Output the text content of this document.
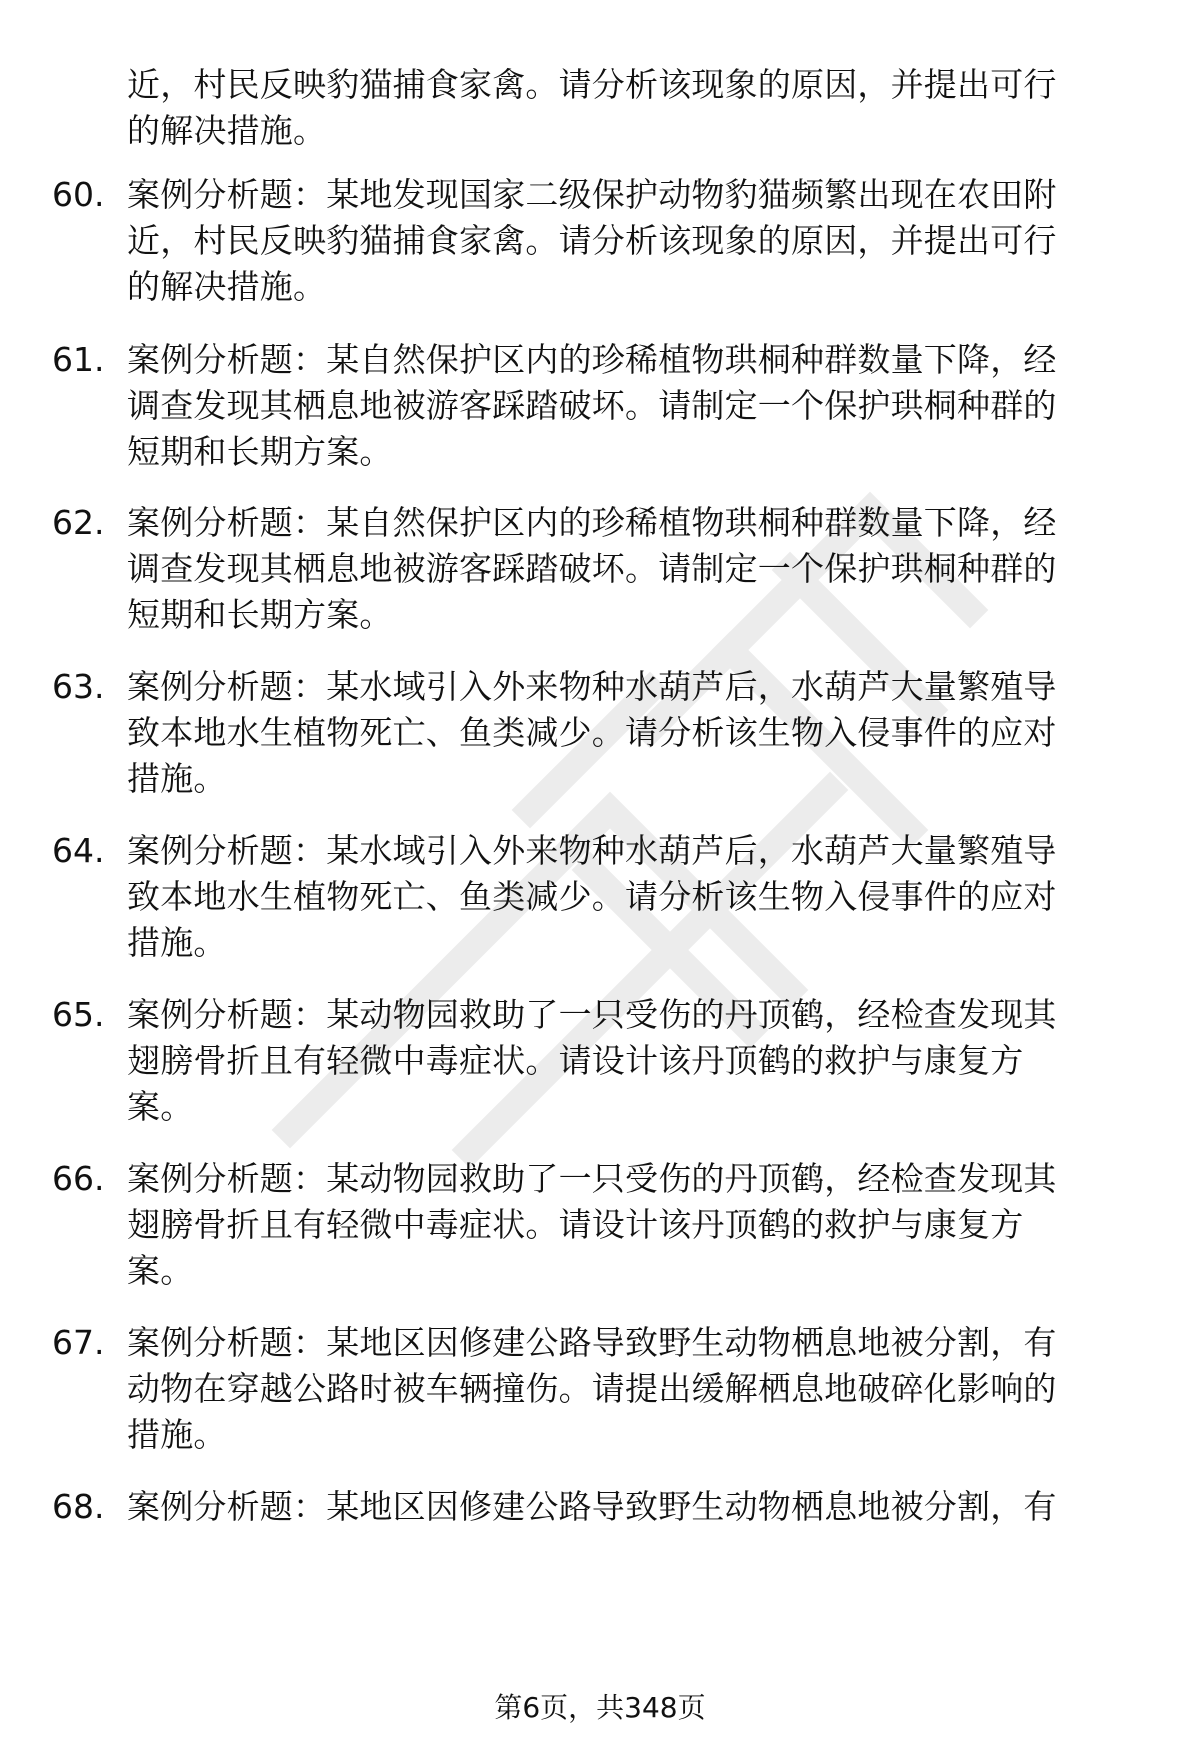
近，村民反映豹猫捕食家禽。请分析该现象的原因，并提出可行
的解决措施。
60. 案例分析题：某地发现国家二级保护动物豹猫频繁出现在农田附
近，村民反映豹猫捕食家禽。请分析该现象的原因，并提出可行
的解决措施。
61. 案例分析题：某自然保护区内的珍稀植物珙桐种群数量下降，经
调查发现其栖息地被游客踩踏破坏。请制定一个保护珙桐种群的
短期和长期方案。
62. 案例分析题：某自然保护区内的珍稀植物珙桐种群数量下降，经
调查发现其栖息地被游客踩踏破坏。请制定一个保护珙桐种群的
短期和长期方案。
63. 案例分析题：某水域引入外来物种水葫芦后，水葫芦大量繁殖导
致本地水生植物死亡、鱼类减少。请分析该生物入侵事件的应对
措施。
64. 案例分析题：某水域引入外来物种水葫芦后，水葫芦大量繁殖导
致本地水生植物死亡、鱼类减少。请分析该生物入侵事件的应对
措施。
65. 案例分析题：某动物园救助了一只受伤的丹顶鹤，经检查发现其
翅膀骨折且有轻微中毒症状。请设计该丹顶鹤的救护与康复方
案。
66. 案例分析题：某动物园救助了一只受伤的丹顶鹤，经检查发现其
翅膀骨折且有轻微中毒症状。请设计该丹顶鹤的救护与康复方
案。
67. 案例分析题：某地区因修建公路导致野生动物栖息地被分割，有
动物在穿越公路时被车辆撞伤。请提出缓解栖息地破碎化影响的
措施。
68. 案例分析题：某地区因修建公路导致野生动物栖息地被分割，有
第6页，共348页
